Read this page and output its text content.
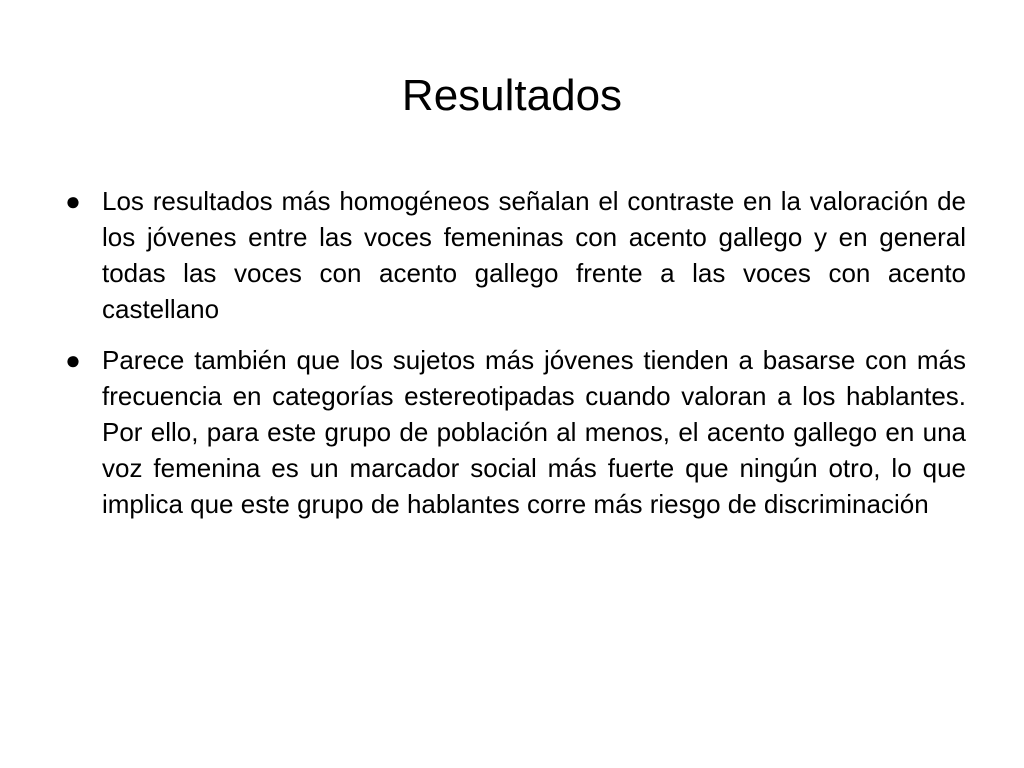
Resultados
● Los resultados más homogéneos señalan el contraste en la valoración de los jóvenes entre las voces femeninas con acento gallego y en general todas las voces con acento gallego frente a las voces con acento castellano
● Parece también que los sujetos más jóvenes tienden a basarse con más frecuencia en categorías estereotipadas cuando valoran a los hablantes. Por ello, para este grupo de población al menos, el acento gallego en una voz femenina es un marcador social más fuerte que ningún otro, lo que implica que este grupo de hablantes corre más riesgo de discriminación
